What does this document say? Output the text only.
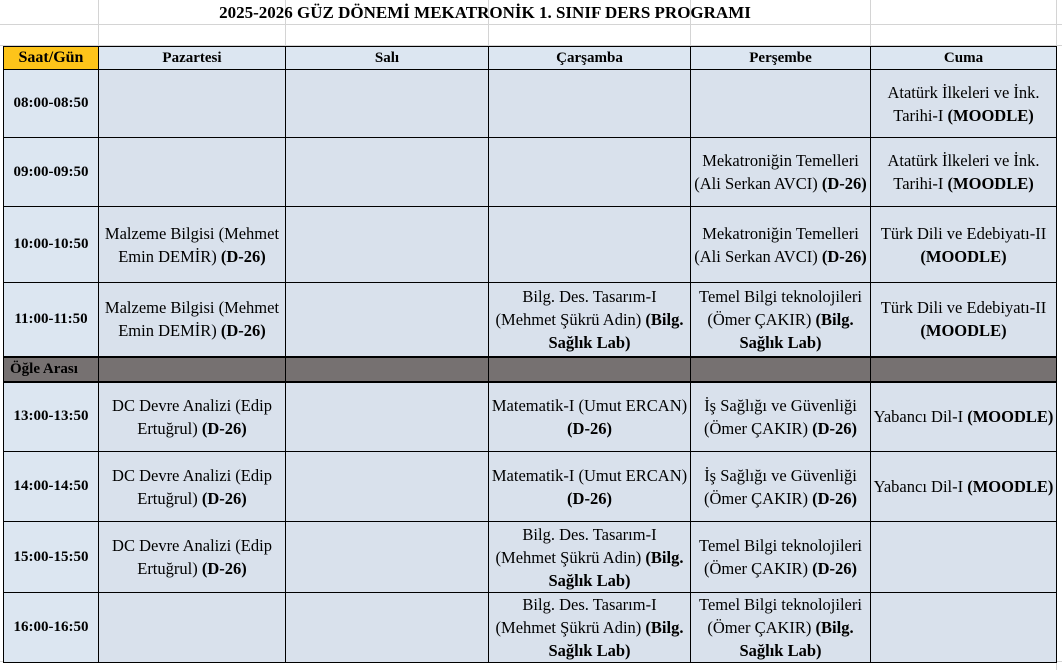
2025-2026 GÜZ DÖNEMİ MEKATRONİK 1. SINIF DERS PROGRAMI
Saat/Gün	Pazartesi	Salı	Çarşamba	Perşembe	Cuma
08:00-08:50					Atatürk İlkeleri ve İnk. Tarihi-I (MOODLE)
09:00-09:50				Mekatroniğin Temelleri (Ali Serkan AVCI) (D-26)	Atatürk İlkeleri ve İnk. Tarihi-I (MOODLE)
10:00-10:50	Malzeme Bilgisi (Mehmet Emin DEMİR) (D-26)			Mekatroniğin Temelleri (Ali Serkan AVCI) (D-26)	Türk Dili ve Edebiyatı-II (MOODLE)
11:00-11:50	Malzeme Bilgisi (Mehmet Emin DEMİR) (D-26)		Bilg. Des. Tasarım-I (Mehmet Şükrü Adin) (Bilg. Sağlık Lab)	Temel Bilgi teknolojileri (Ömer ÇAKIR) (Bilg. Sağlık Lab)	Türk Dili ve Edebiyatı-II (MOODLE)
Öğle Arası					
13:00-13:50	DC Devre Analizi (Edip Ertuğrul) (D-26)		Matematik-I (Umut ERCAN) (D-26)	İş Sağlığı ve Güvenliği (Ömer ÇAKIR) (D-26)	Yabancı Dil-I (MOODLE)
14:00-14:50	DC Devre Analizi (Edip Ertuğrul) (D-26)		Matematik-I (Umut ERCAN) (D-26)	İş Sağlığı ve Güvenliği (Ömer ÇAKIR) (D-26)	Yabancı Dil-I (MOODLE)
15:00-15:50	DC Devre Analizi (Edip Ertuğrul) (D-26)		Bilg. Des. Tasarım-I (Mehmet Şükrü Adin) (Bilg. Sağlık Lab)	Temel Bilgi teknolojileri (Ömer ÇAKIR) (D-26)	
16:00-16:50			Bilg. Des. Tasarım-I (Mehmet Şükrü Adin) (Bilg. Sağlık Lab)	Temel Bilgi teknolojileri (Ömer ÇAKIR) (Bilg. Sağlık Lab)	
